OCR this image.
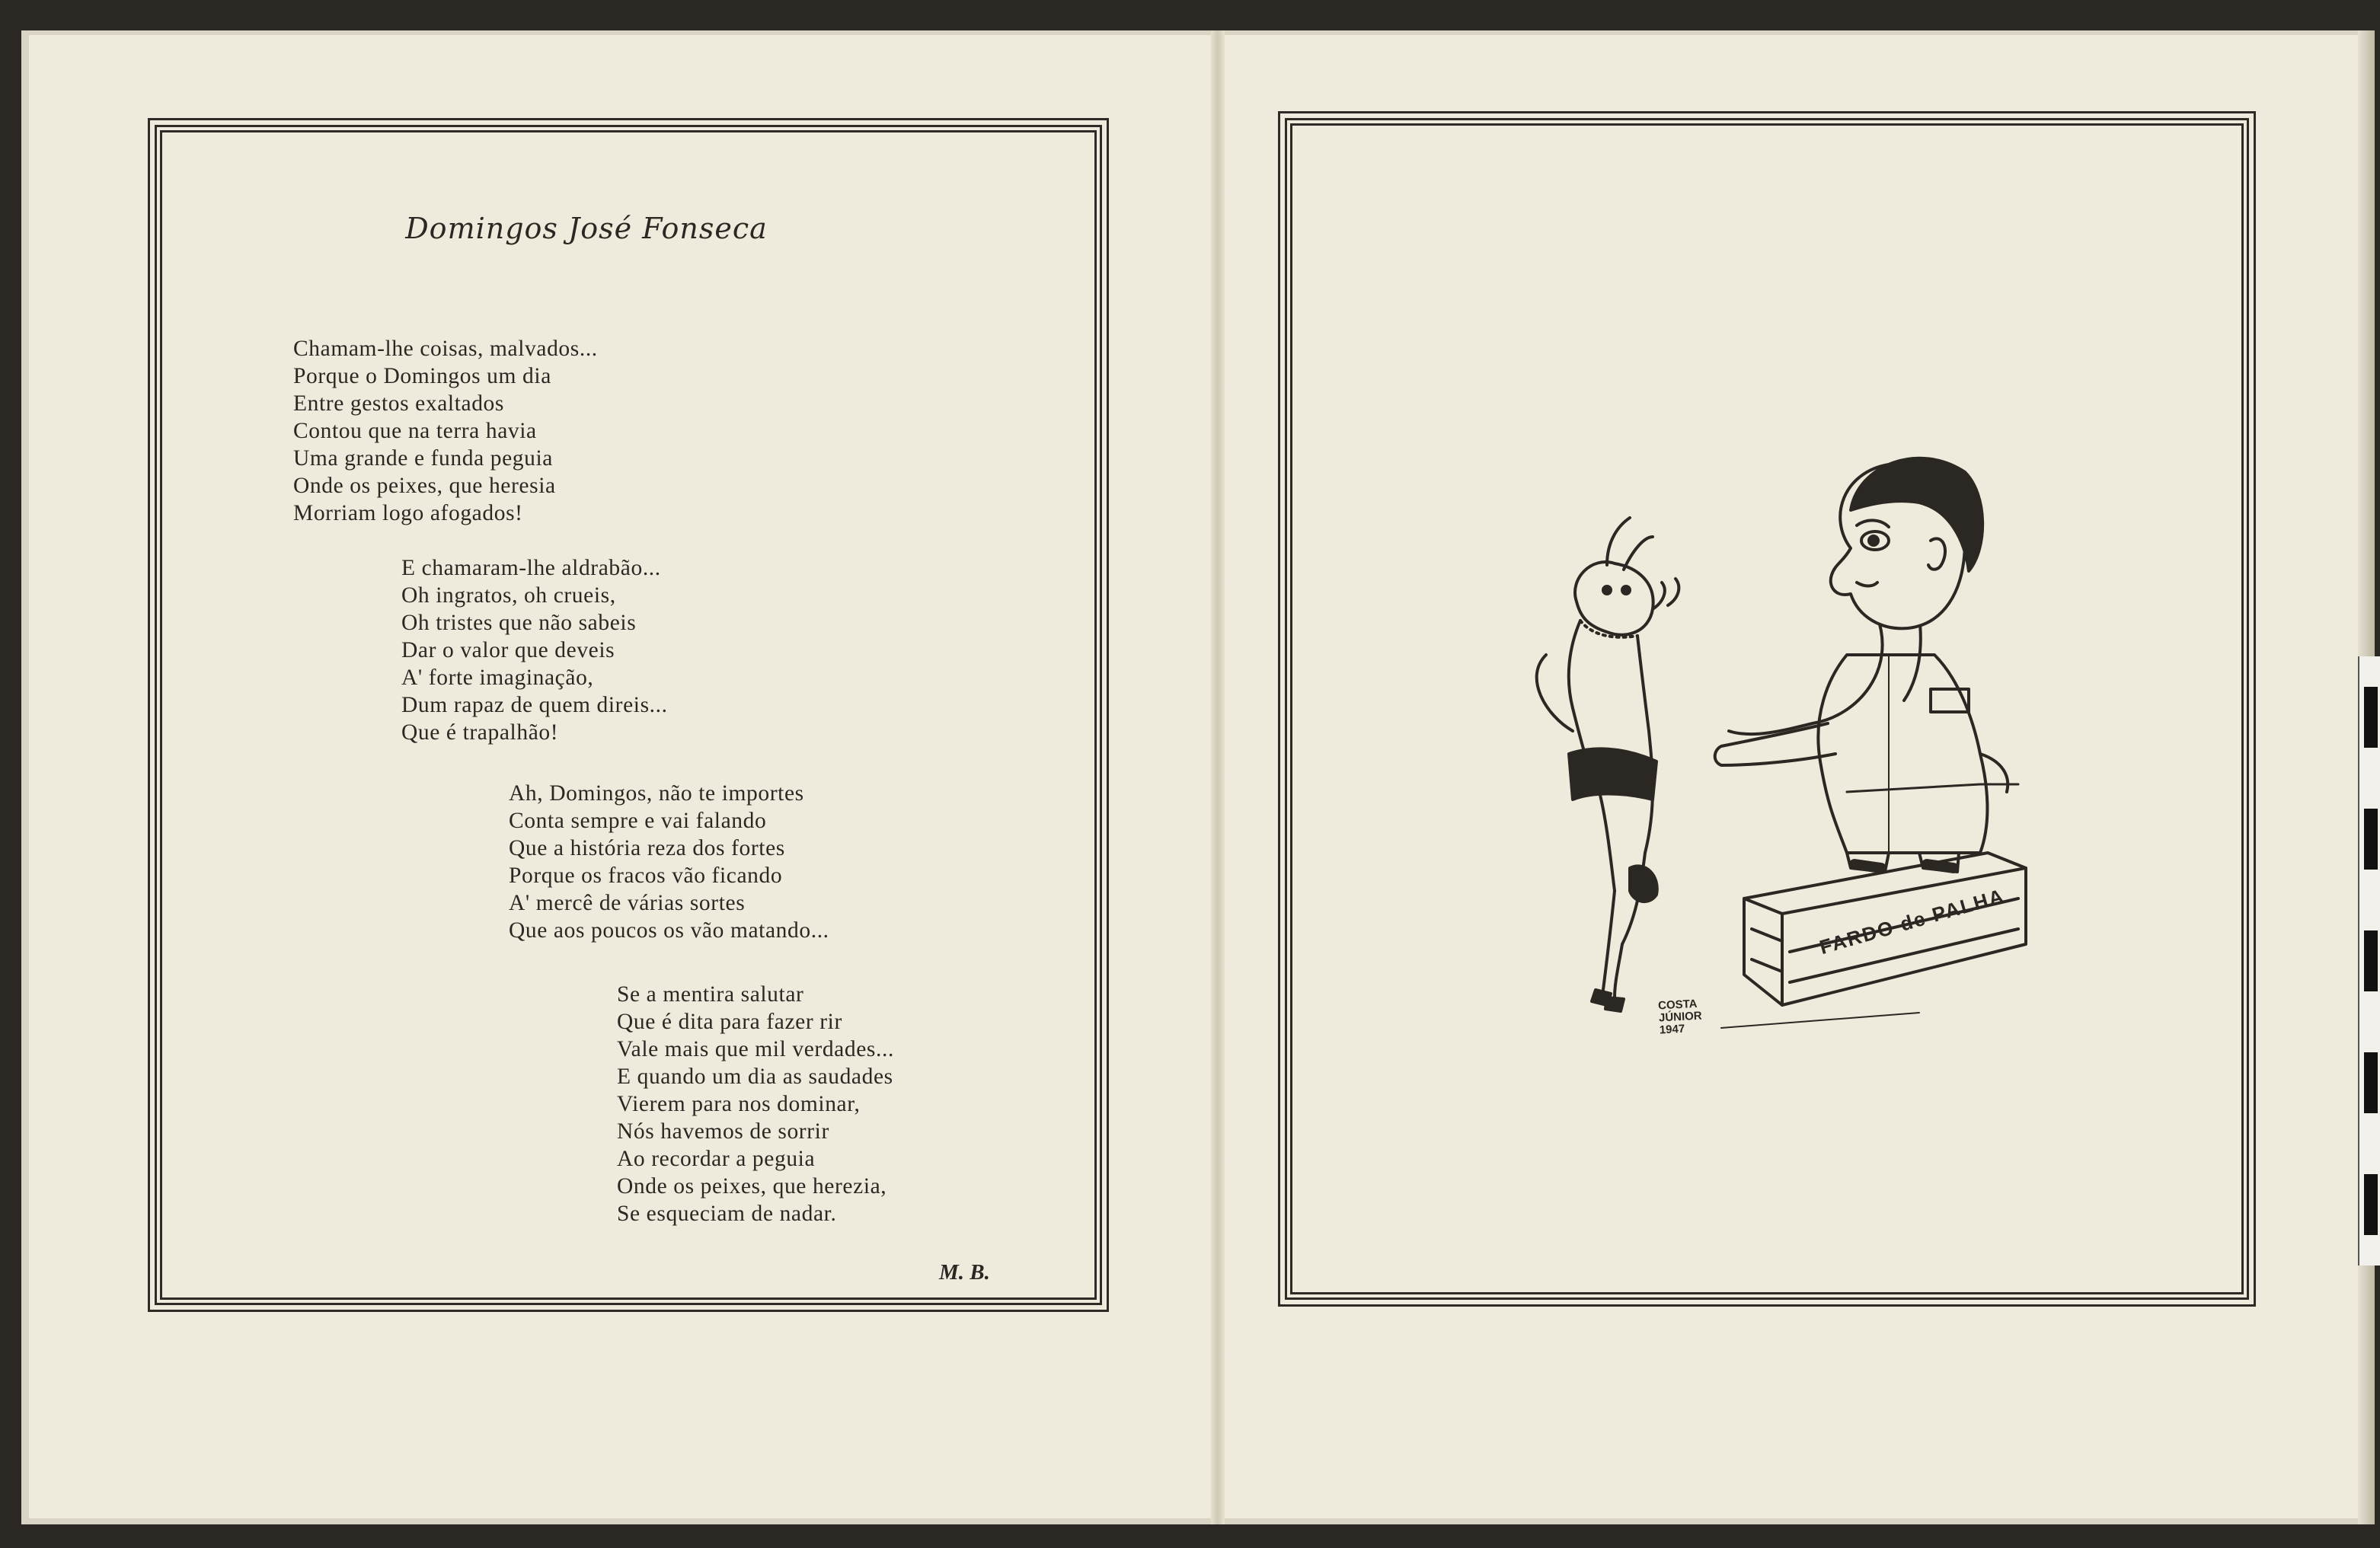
Domingos José Fonseca
Chamam-lhe coisas, malvados...
Porque o Domingos um dia
Entre gestos exaltados
Contou que na terra havia
Uma grande e funda peguia
Onde os peixes, que heresia
Morriam logo afogados!
E chamaram-lhe aldrabão...
Oh ingratos, oh crueis,
Oh tristes que não sabeis
Dar o valor que deveis
A' forte imaginação,
Dum rapaz de quem direis...
Que é trapalhão!
Ah, Domingos, não te importes
Conta sempre e vai falando
Que a história reza dos fortes
Porque os fracos vão ficando
A' mercê de várias sortes
Que aos poucos os vão matando...
Se a mentira salutar
Que é dita para fazer rir
Vale mais que mil verdades...
E quando um dia as saudades
Vierem para nos dominar,
Nós havemos de sorrir
Ao recordar a peguia
Onde os peixes, que herezia,
Se esqueciam de nadar.
M. B.
FARDO de PALHA
COSTA
JÚNIOR
1947
